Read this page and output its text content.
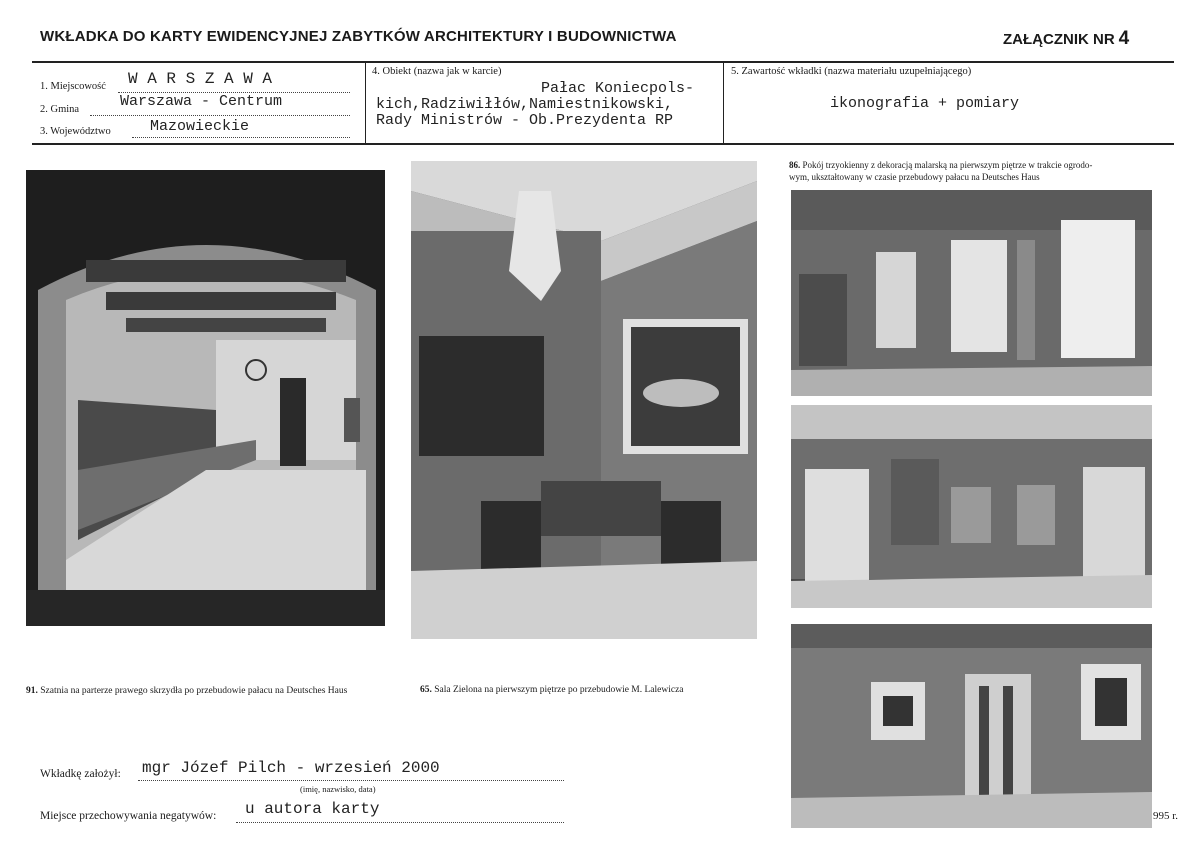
WKŁADKA DO KARTY EWIDENCYJNEJ ZABYTKÓW ARCHITEKTURY I BUDOWNICTWA	ZAŁĄCZNIK NR 4
1. Miejscowość W A R S Z A W A
2. Gmina	Warszawa - Centrum
3. Województwo	Mazowieckie
4. Obiekt (nazwa jak w karcie)
Pałac Koniecpols-
kich,Radziwiłłów,Namiestnikowski,
Rady Ministrów - Ob.Prezydenta RP
5. Zawartość wkładki (nazwa materiału uzupełniającego)
ikonografia + pomiary
91. Szatnia na parterze prawego skrzydła po przebudowie pałacu na Deutsches Haus	65. Sala Zielona na pierwszym piętrze po przebudowie M. Lalewicza
86. Pokój trzyokienny z dekoracją malarską na pierwszym piętrze w trakcie ogrodo-
wym, ukształtowany w czasie przebudowy pałacu na Deutsches Haus
Wkładkę założył: mgr Józef Pilch - wrzesień 2000
(imię, nazwisko, data)
Miejsce przechowywania negatywów: u autora karty	995 r.
